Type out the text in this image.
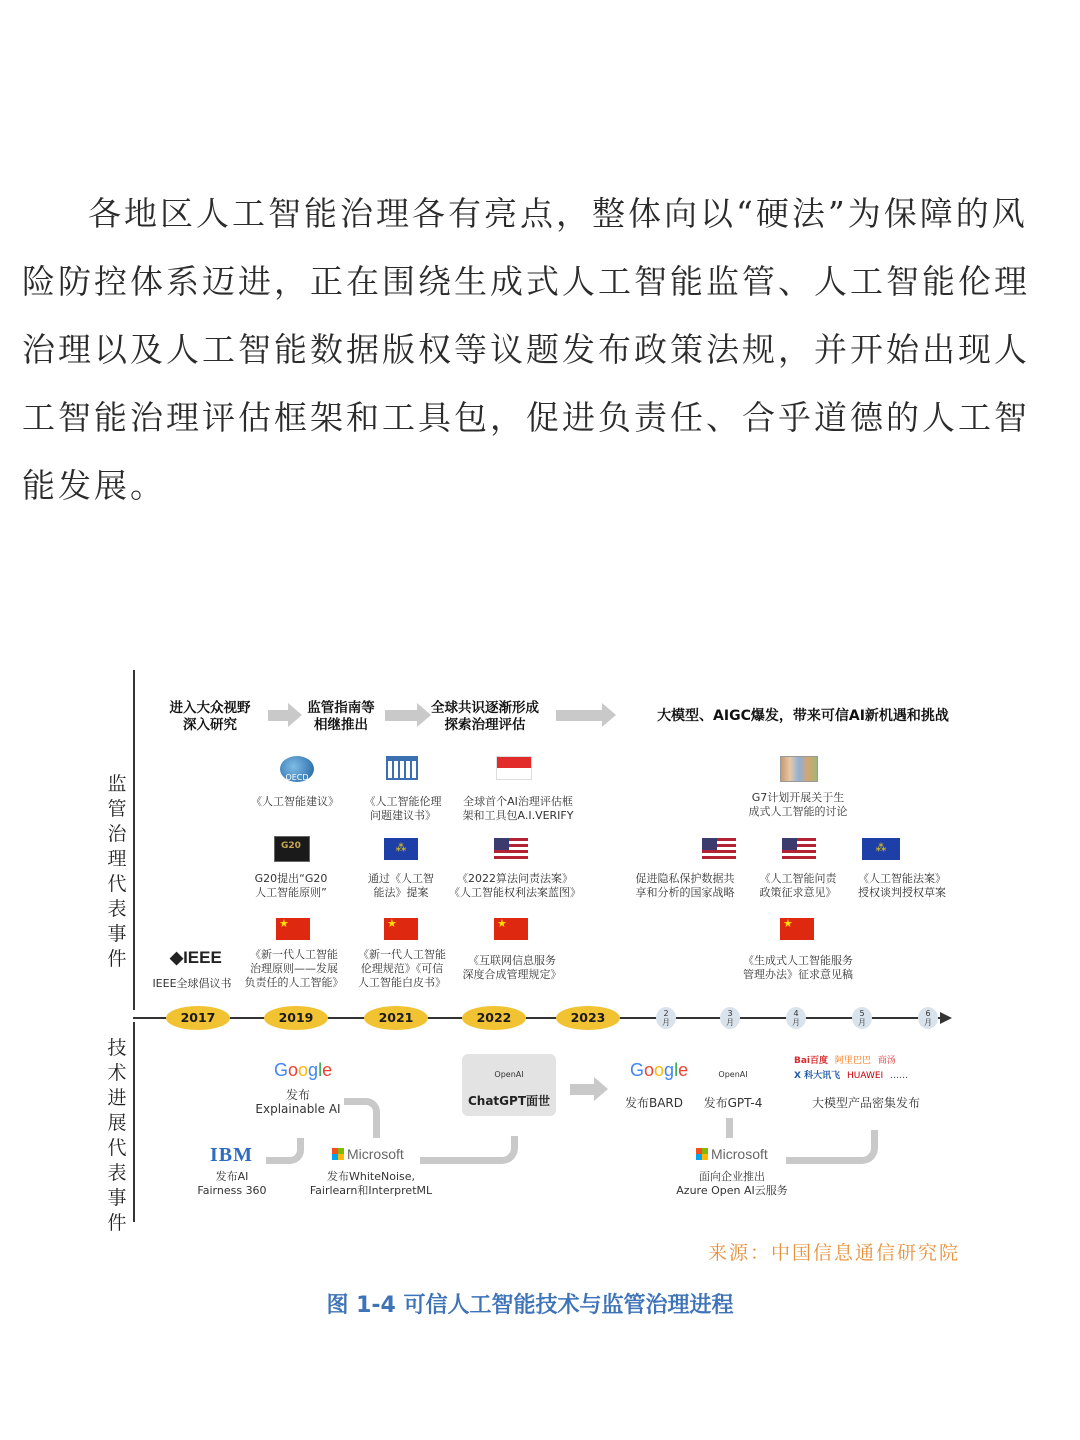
各地区人工智能治理各有亮点，整体向以“硬法”为保障的风险防控体系迈进，正在围绕生成式人工智能监管、人工智能伦理治理以及人工智能数据版权等议题发布政策法规，并开始出现人工智能治理评估框架和工具包，促进负责任、合乎道德的人工智能发展。

监管治理代表事件
技术进展代表事件
进入大众视野
深入研究
监管指南等
相继推出
全球共识逐渐形成
探索治理评估
大模型、AIGC爆发，带来可信AI新机遇和挑战
OECD
《人工智能建议》	《人工智能伦理
问题建议书》
全球首个AI治理评估框
架和工具包A.I.VERIFY
G7计划开展关于生
成式人工智能的讨论
G20
G20提出“G20
人工智能原则”
⁂
通过《人工智
能法》提案
《2022算法问责法案》
《人工智能权利法案蓝图》
促进隐私保护数据共
享和分析的国家战略
《人工智能问责
政策征求意见》
⁂
《人工智能法案》
授权谈判授权草案
◆IEEE
IEEE全球倡议书
★
《新一代人工智能
治理原则——发展
负责任的人工智能》
★
《新一代人工智能
伦理规范》《可信
人工智能白皮书》
★
《互联网信息服务
深度合成管理规定》
★
《生成式人工智能服务
管理办法》征求意见稿
2017	2019	2021	2022	2023	2
月
3
月
4
月
5
月
6
月
Google
发布
Explainable AI
IBM
发布AI
Fairness 360
Microsoft
发布WhiteNoise,
Fairlearn和InterpretML
OpenAI
ChatGPT面世
Google
发布BARD
OpenAI
发布GPT-4
Microsoft
面向企业推出
Azure Open AI云服务
Bai百度 阿里巴巴 商汤
X 科大讯飞 HUAWEI ……
大模型产品密集发布
来源：中国信息通信研究院
图 1-4 可信人工智能技术与监管治理进程
